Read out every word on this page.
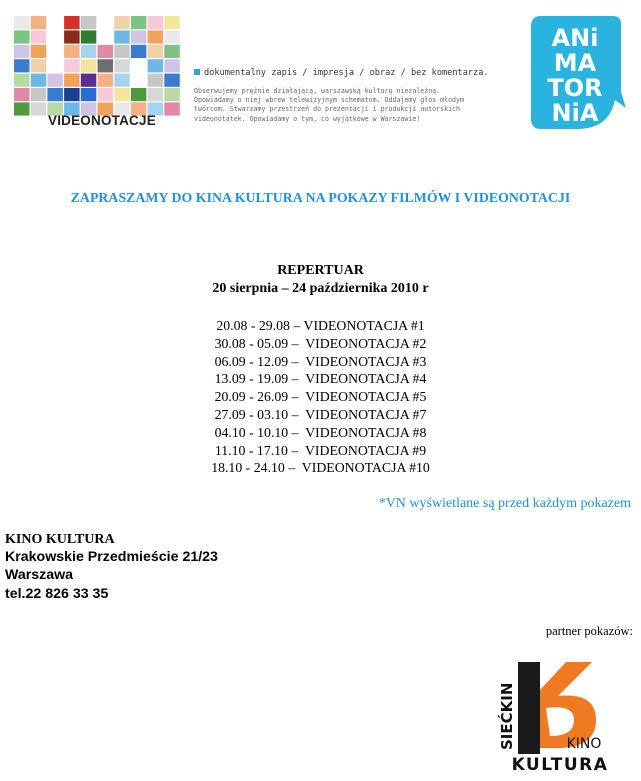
VIDEONOTACJE
dokumentalny zapis / impresja / obraz / bez komentarza.
Obserwujemy prężnie działającą, warszawską kulturę niezależną.
Opowiadamy o niej wbrew telewizyjnym schematom. Oddajemy głos młodym
twórcom. Stwarzamy przestrzeń do prezentacji i produkcji autorskich
videonotatek. Opowiadamy o tym, co wyjątkowe w Warszawie!
ANi
MA
TOR
NiA
ZAPRASZAMY DO KINA KULTURA NA POKAZY FILMÓW I VIDEONOTACJI
REPERTUAR
20 sierpnia – 24 października 2010 r
20.08 - 29.08 – VIDEONOTACJA #1
30.08 - 05.09 –  VIDEONOTACJA #2
06.09 - 12.09 –  VIDEONOTACJA #3
13.09 - 19.09 –  VIDEONOTACJA #4
20.09 - 26.09 –  VIDEONOTACJA #5
27.09 - 03.10 –  VIDEONOTACJA #7
04.10 - 10.10 –  VIDEONOTACJA #8
11.10 - 17.10 –  VIDEONOTACJA #9
18.10 - 24.10 –  VIDEONOTACJA #10
*VN wyświetlane są przed każdym pokazem
KINO KULTURA
Krakowskie Przedmieście 21/23
Warszawa
tel.22 826 33 35
partner pokazów:
SIEĆKIN	KINO
KULTURA
